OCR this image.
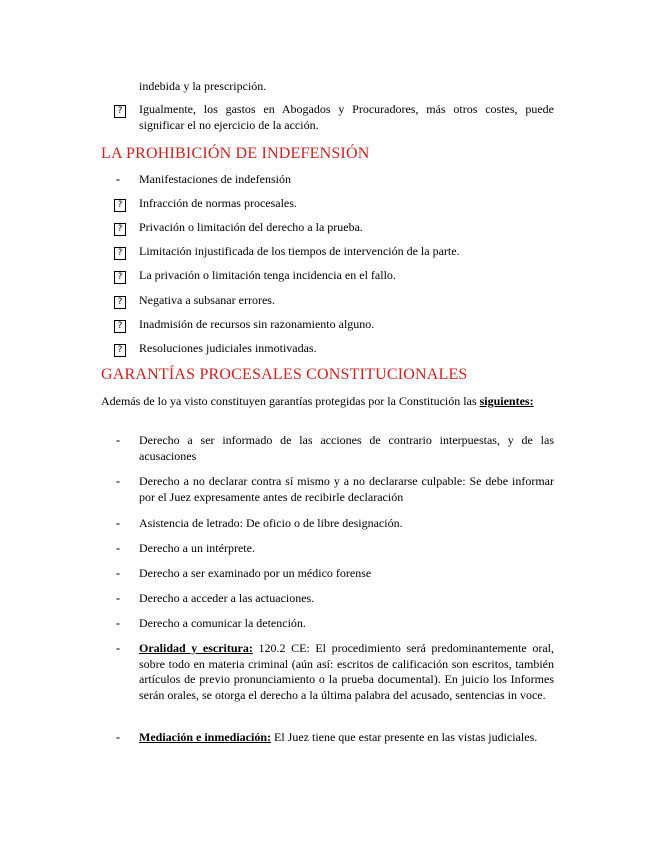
indebida y la prescripción.
?	Igualmente, los gastos en Abogados y Procuradores, más otros costes, puede significar el no ejercicio de la acción.
LA PROHIBICIÓN DE INDEFENSIÓN
-	Manifestaciones de indefensión
?	Infracción de normas procesales.
?	Privación o limitación del derecho a la prueba.
?	Limitación injustificada de los tiempos de intervención de la parte.
?	La privación o limitación tenga incidencia en el fallo.
?	Negativa a subsanar errores.
?	Inadmisión de recursos sin razonamiento alguno.
?	Resoluciones judiciales inmotivadas.
GARANTÍAS PROCESALES CONSTITUCIONALES
Además de lo ya visto constituyen garantías protegidas por la Constitución las siguientes:
-	Derecho a ser informado de las acciones de contrario interpuestas, y de las acusaciones
-	Derecho a no declarar contra sí mismo y a no declararse culpable: Se debe informar por el Juez expresamente antes de recibirle declaración
-	Asistencia de letrado: De oficio o de libre designación.
-	Derecho a un intérprete.
-	Derecho a ser examinado por un médico forense
-	Derecho a acceder a las actuaciones.
-	Derecho a comunicar la detención.
-	Oralidad y escritura: 120.2 CE: El procedimiento será predominantemente oral, sobre todo en materia criminal (aún así: escritos de calificación son escritos, también artículos de previo pronunciamiento o la prueba documental). En juicio los Informes serán orales, se otorga el derecho a la última palabra del acusado, sentencias in voce.
-	Mediación e inmediación: El Juez tiene que estar presente en las vistas judiciales.
